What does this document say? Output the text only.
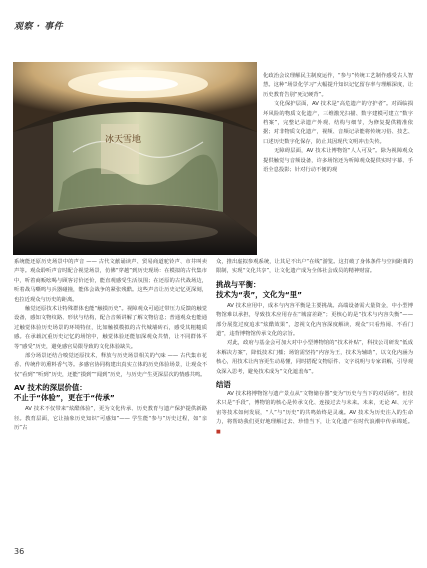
观察 · 事件
冰天雪地

化政治会议理解民主制度运作，“参与”传统工艺制作感受古人智慧。这种“场景化学习”大幅提升知识记忆留存率与理解深度，让历史教育告别“死记硬背”。

文化保护层面，AV 技术是“高危遗产的守护者”。对面临损坏风险的物质文化遗产，三维激光扫描、数字建模可建立“数字档案”，完整记录遗产外观、结构与细节，为修复提供精准依据；对非物质文化遗产，视频、音频记录能将传统习俗、技艺、口述历史数字化保存，防止其因现代文明冲击失传。

无障碍层面，AV 技术让博物馆“人人可及”。除为视障观众提供触觉与音频设备，许多场馆还为听障观众提供实时字幕、手语全息投影；针对行动不便的观

系统能还原历史场景中的声音 —— 古代文献诵读声、贸易商道驼铃声、市井叫卖声等。观众聆听声音时配合视觉场景，仿佛“穿越”到历史现场：在模拟的古代集市中，听着商贩吆喝与顾客讨价还价，能直观感受生活氛围；在还原的古代战场边，听着战马嘶鸣与兵器碰撞，能体会战争的紧张残酷。这些声音让历史记忆更深刻，也拉近观众与历史的距离。

触觉还原技术让特殊群体也能“触摸历史”。视障观众可通过带压力反馈的触觉设备，感知文物纹路、形状与结构，配合音频讲解了解文物信息；普通观众也能通过触觉体验历史场景的环境特征，比如触摸模拟的古代城墙砖石，感受其粗糙质感。在承载沉重历史记忆的场馆中，触觉体验还能加深观众共情，让不同群体平等“感受”历史，避免感官局限导致的文化体验缺失。

部分场景还结合嗅觉还原技术，释放与历史场景相关的气味 —— 古代集市花香、传统作坊熏料香气等。多感官协同构建出真实立体的历史体验场景，让观众不仅“看到”“听到”历史，还能“摸到”“闻到”历史，与历史产生更深层次的情感共鸣。

AV 技术的深层价值：
不止于“体验”，更在于“传承”

AV 技术不仅带来“炫酷体验”，更为文化传承、历史教育与遗产保护提供新路径。教育层面，它让抽象历史知识“可感知”—— 学生能“参与”历史过程，如“亲历”古

众，推出虚拟参观系统，让其足不出户“在线”游览。这打破了身体条件与空间距离的限制，实现“文化共享”，让文化遗产成为全体社会成员的精神财富。

挑战与平衡：
技术为“表”，文化为“里”

AV 技术应用中，成本与内容平衡是主要挑战。高端设备需大量资金，中小型博物馆难以承担，导致技术应用存在“城富差距”；更核心的是“技术与内容失衡”—— 部分展览过度追求“炫酷效果”，忽视文化内容深度解读，观众“只看热闹、不看门道”，违背博物馆传承文化的宗旨。

对此，政府与基金会可加大对中小型博物馆的“技术补贴”，科技公司研发“低成本解决方案”，降低技术门槛；场馆需坚持“内容为王，技术为辅助”，以文化内涵为核心，用技术让内容更生动易懂，同时搭配文物原件、文字说明与专家讲解，引导观众深入思考，避免技术成为“文化遮羞布”。

结语

AV 技术将博物馆与遗产景点从“文物储存器”变为“历史与当下的对话场”。但技术只是“手段”，博物馆的核心是传承文化、连接过去与未来。未来，无论 AI、元宇宙等技术如何发展，“人”与“历史”的共鸣始终是灵魂。AV 技术为历史注入的生命力，将帮助我们更好地理解过去、珍惜当下，让文化遗产在时代浪潮中传承绵延。 ■

36
